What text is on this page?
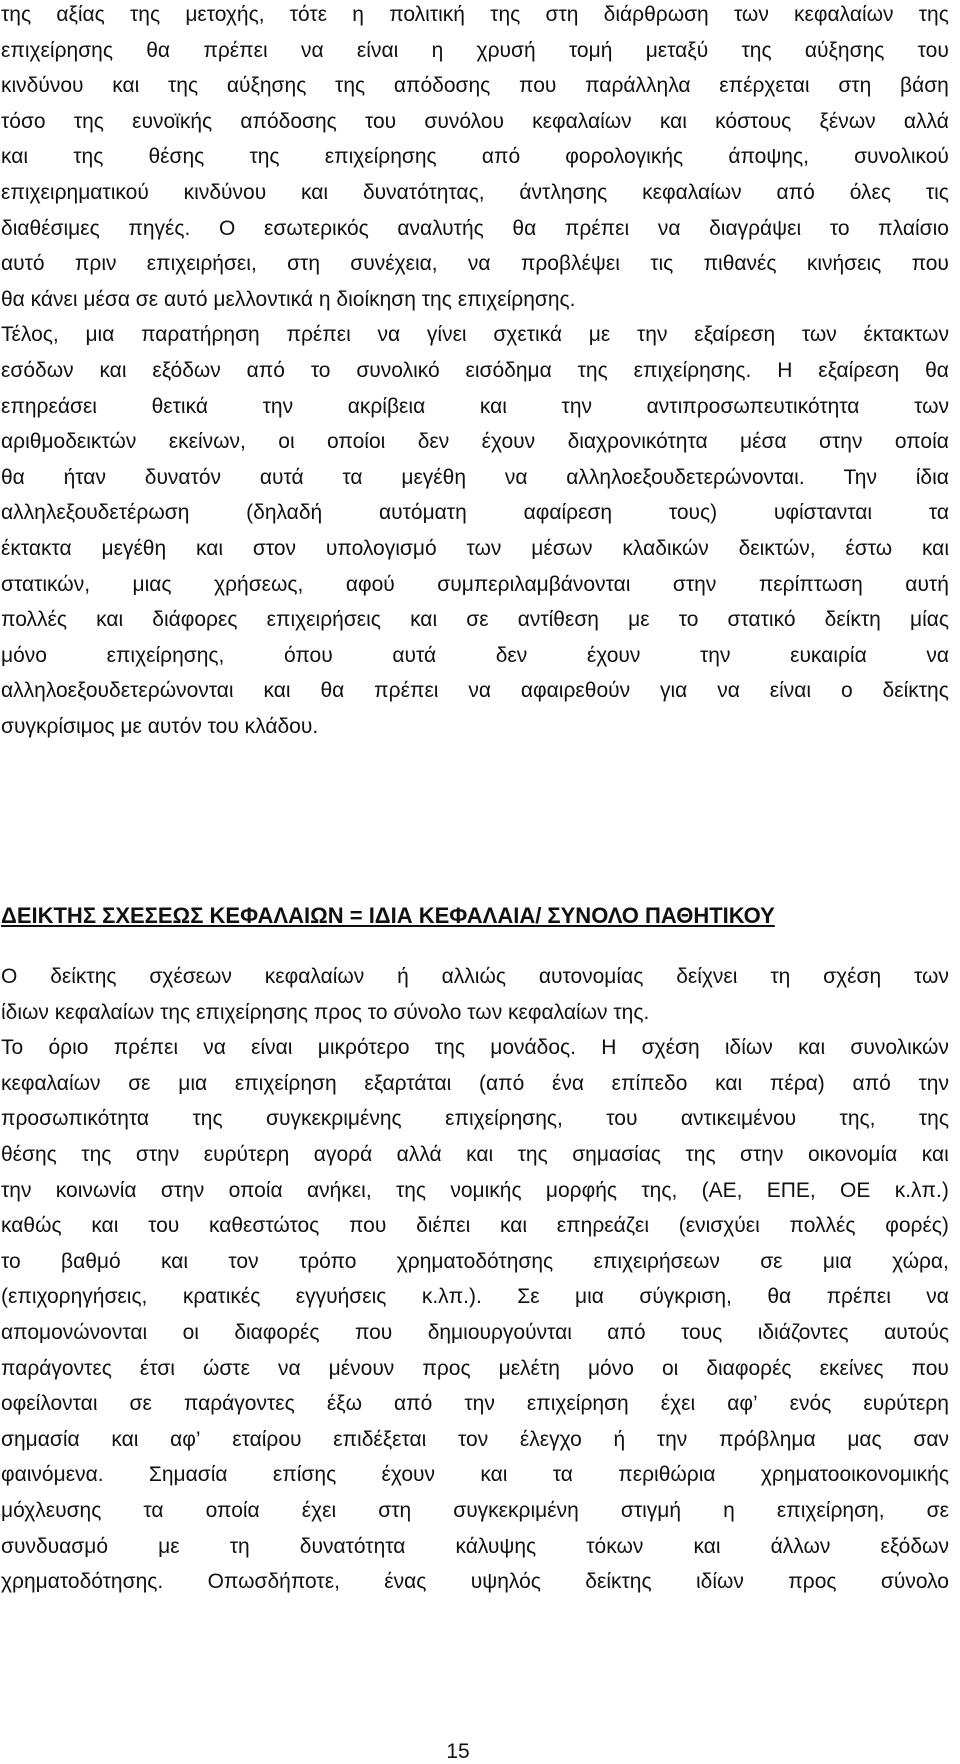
της αξίας της μετοχής, τότε η πολιτική της στη διάρθρωση των κεφαλαίων της
επιχείρησης θα πρέπει να είναι η χρυσή τομή μεταξύ της αύξησης του
κινδύνου και της αύξησης της απόδοσης που παράλληλα επέρχεται στη βάση
τόσο της ευνοϊκής απόδοσης του συνόλου κεφαλαίων και κόστους ξένων αλλά
και της θέσης της επιχείρησης από φορολογικής άποψης, συνολικού
επιχειρηματικού κινδύνου και δυνατότητας, άντλησης κεφαλαίων από όλες τις
διαθέσιμες πηγές. Ο εσωτερικός αναλυτής θα πρέπει να διαγράψει το πλαίσιο
αυτό πριν επιχειρήσει, στη συνέχεια, να προβλέψει τις πιθανές κινήσεις που
θα κάνει μέσα σε αυτό μελλοντικά η διοίκηση της επιχείρησης.
Τέλος, μια παρατήρηση πρέπει να γίνει σχετικά με την εξαίρεση των έκτακτων
εσόδων και εξόδων από το συνολικό εισόδημα της επιχείρησης. Η εξαίρεση θα
επηρεάσει	θετικά	την	ακρίβεια	και	την	αντιπροσωπευτικότητα	των
αριθμοδεικτών εκείνων, οι οποίοι δεν έχουν διαχρονικότητα μέσα στην οποία
θα ήταν δυνατόν αυτά τα μεγέθη να αλληλοεξουδετερώνονται. Την ίδια
αλληλεξουδετέρωση	(δηλαδή	αυτόματη	αφαίρεση	τους)	υφίστανται	τα
έκτακτα μεγέθη και στον υπολογισμό των μέσων κλαδικών δεικτών, έστω και
στατικών, μιας χρήσεως, αφού συμπεριλαμβάνονται στην περίπτωση αυτή
πολλές και διάφορες επιχειρήσεις και σε αντίθεση με το στατικό δείκτη μίας
μόνο	επιχείρησης,	όπου	αυτά	δεν	έχουν	την	ευκαιρία	να
αλληλοεξουδετερώνονται και θα πρέπει να αφαιρεθούν για να είναι ο δείκτης
συγκρίσιμος με αυτόν του κλάδου.
ΔΕΙΚΤΗΣ ΣΧΕΣΕΩΣ ΚΕΦΑΛΑΙΩΝ = ΙΔΙΑ ΚΕΦΑΛΑΙΑ/ ΣΥΝΟΛΟ ΠΑΘΗΤΙΚΟΥ
Ο δείκτης σχέσεων κεφαλαίων ή αλλιώς αυτονομίας δείχνει τη σχέση των
ίδιων κεφαλαίων της επιχείρησης προς το σύνολο των κεφαλαίων της.
Το όριο πρέπει να είναι μικρότερο της μονάδος. Η σχέση ιδίων και συνολικών
κεφαλαίων σε μια επιχείρηση εξαρτάται (από ένα επίπεδο και πέρα) από την
προσωπικότητα της συγκεκριμένης επιχείρησης, του αντικειμένου της, της
θέσης της στην ευρύτερη αγορά αλλά και της σημασίας της στην οικονομία και
την κοινωνία στην οποία ανήκει, της νομικής μορφής της, (ΑΕ, ΕΠΕ, ΟΕ κ.λπ.)
καθώς και του καθεστώτος που διέπει και επηρεάζει (ενισχύει πολλές φορές)
το βαθμό και τον τρόπο χρηματοδότησης επιχειρήσεων σε μια χώρα,
(επιχορηγήσεις, κρατικές εγγυήσεις κ.λπ.). Σε μια σύγκριση, θα πρέπει να
απομονώνονται οι διαφορές που δημιουργούνται από τους ιδιάζοντες αυτούς
παράγοντες έτσι ώστε να μένουν προς μελέτη μόνο οι διαφορές εκείνες που
οφείλονται σε παράγοντες έξω από την επιχείρηση έχει αφ’ ενός ευρύτερη
σημασία και αφ’ εταίρου επιδέξεται τον έλεγχο ή την πρόβλημα μας σαν
φαινόμενα. Σημασία επίσης έχουν και τα περιθώρια χρηματοοικονομικής
μόχλευσης τα οποία έχει στη συγκεκριμένη στιγμή η επιχείρηση, σε
συνδυασμό με τη δυνατότητα κάλυψης τόκων και άλλων εξόδων
χρηματοδότησης. Οπωσδήποτε, ένας υψηλός δείκτης ιδίων προς σύνολο
15
